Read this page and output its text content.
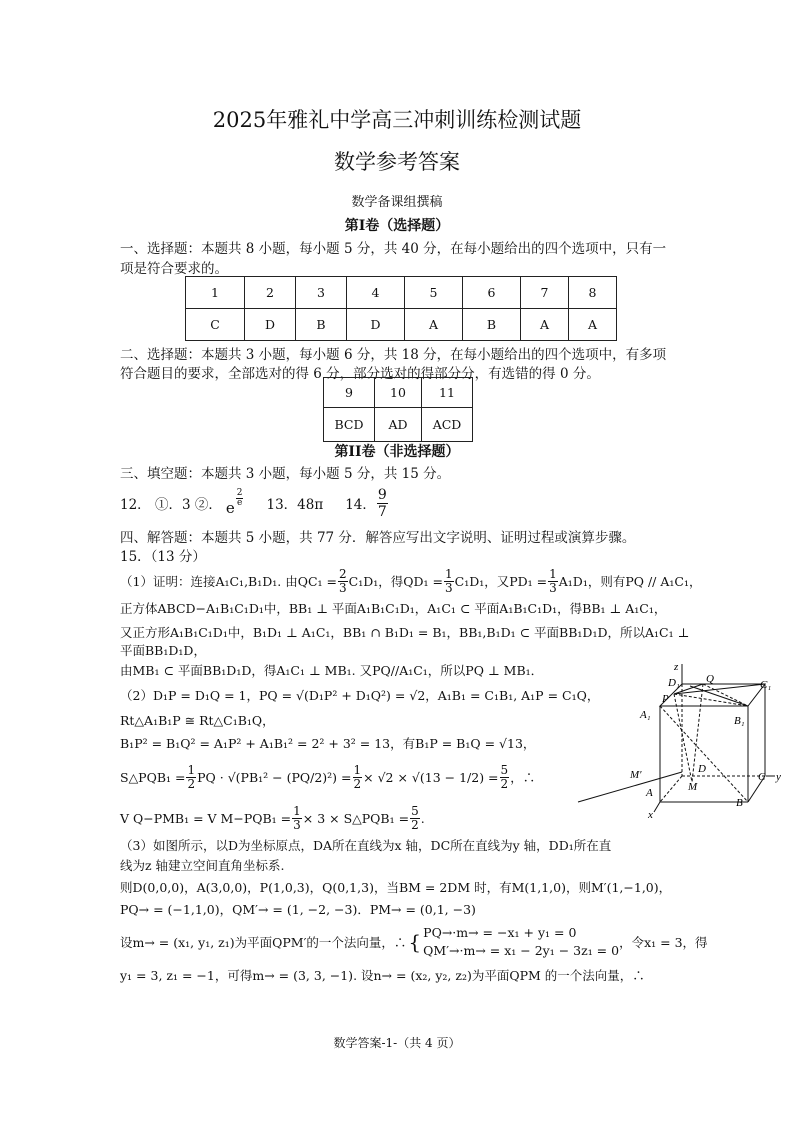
2025年雅礼中学高三冲刺训练检测试题
数学参考答案
数学备课组撰稿
第I卷（选择题）
一、选择题：本题共 8 小题，每小题 5 分，共 40 分，在每小题给出的四个选项中，只有一
项是符合要求的。
1	2	3	4	5	6	7	8
C	D	B	D	A	B	A	A
二、选择题：本题共 3 小题，每小题 6 分，共 18 分，在每小题给出的四个选项中，有多项
符合题目的要求，全部选对的得 6 分，部分选对的得部分分，有选错的得 0 分。
9	10	11
BCD	AD	ACD
第II卷（非选择题）
三、填空题：本题共 3 小题，每小题 5 分，共 15 分。
12． ①．3 ②． e $\frac{2}{e} 13$．48π 14． $\frac{9}{7}$
四、解答题：本题共 5 小题，共 77 分．解答应写出文字说明、证明过程或演算步骤。
15．（13 分）
（1）证明：连接A₁C₁,B₁D₁. 由$QC_1 = \frac{2}{3} C_1D_1$，得$QD_1 = \frac{1}{3} C_1D_1$，又$PD_1 = \frac{1}{3} A_1D_1$，则有PQ // A₁C₁，
正方体ABCD−A₁B₁C₁D₁中，BB₁ ⊥ 平面A₁B₁C₁D₁，A₁C₁ ⊂ 平面A₁B₁C₁D₁，得BB₁ ⊥ A₁C₁，
又正方形A₁B₁C₁D₁中，B₁D₁ ⊥ A₁C₁，BB₁ ∩ B₁D₁ = B₁，BB₁,B₁D₁ ⊂ 平面BB₁D₁D，所以A₁C₁ ⊥
平面BB₁D₁D，
由MB₁ ⊂ 平面BB₁D₁D，得A₁C₁ ⊥ MB₁. 又PQ//A₁C₁，所以PQ ⊥ MB₁．
（2）D₁P = D₁Q = 1，PQ = √(D₁P² + D₁Q²) = √2，A₁B₁ = C₁B₁, A₁P = C₁Q，
Rt△A₁B₁P ≅ Rt△C₁B₁Q，
B₁P² = B₁Q² = A₁P² + A₁B₁² = 2² + 3² = 13，有B₁P = B₁Q = √13，
S△PQB₁ = $\frac{1}{2}$ PQ · $√(PB_1^2 - (PQ/2)^2) = \frac{1}{2} \times √2 \times √(13 - 1/2) = \frac{5}{2}$ ，∴
V Q−PMB₁ = V $M-PQB_1 = \frac{1}{3} \times 3$ × S△PQB₁ = $\frac{5}{2}$ .
（3）如图所示，以D为坐标原点，DA所在直线为x 轴，DC所在直线为y 轴，DD₁所在直
线为z 轴建立空间直角坐标系.
则D(0,0,0)，A(3,0,0)，P(1,0,3)，Q(0,1,3)，当BM = 2DM 时，有M(1,1,0)，则M′(1,−1,0)，
PQ→ = (−1,1,0)，QM′→ = (1, −2, −3)．PM→ = (0,1, −3)
设m→ = (x₁, y₁, z₁)为平面QPM′的一个法向量，∴ { PQ→·m→ = −x₁ + y₁ = 0
QM′→·m→ = x₁ − 2y₁ − 3z₁ = 0
，令x₁ = 3，得
y₁ = 3, z₁ = −1，可得m→ = (3, 3, −1). 设n→ = (x₂, y₂, z₂)为平面QPM 的一个法向量，∴
z
D₁ Q	C₁
P
A₁	B₁
D
M′
M
C y
A
B
x
数学答案-1-（共 4 页）
